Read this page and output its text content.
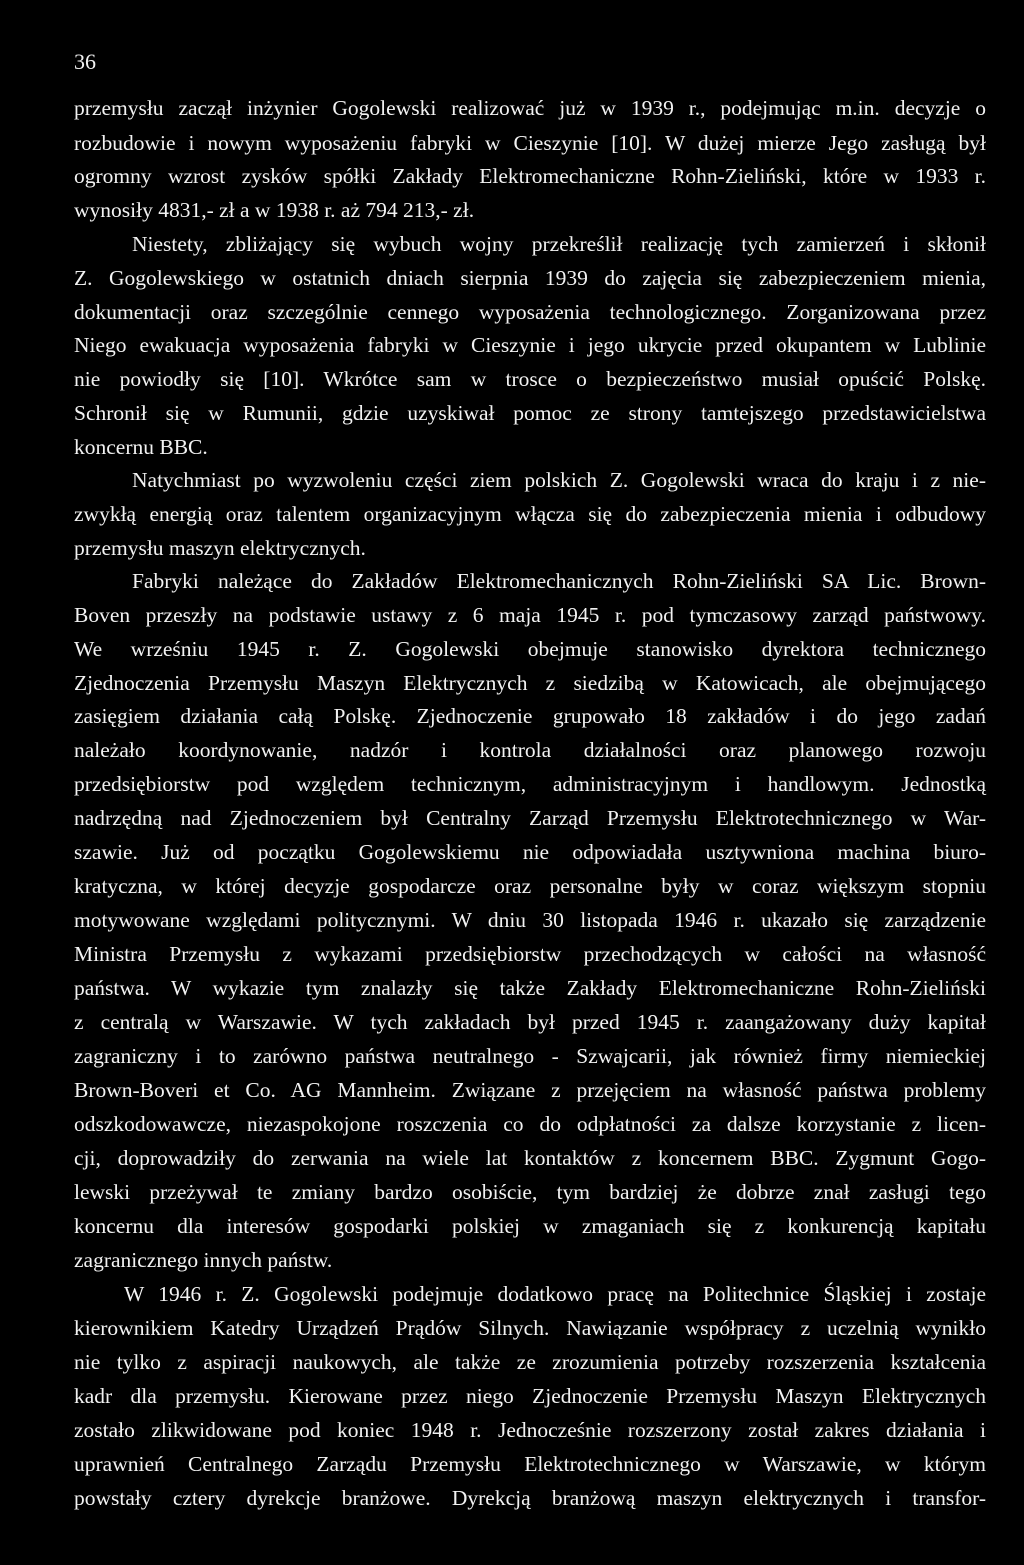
36
przemysłu zaczął inżynier Gogolewski realizować już w 1939 r., podejmując m.in. decyzje o
rozbudowie i nowym wyposażeniu fabryki w Cieszynie [10]. W dużej mierze Jego zasługą był
ogromny wzrost zysków spółki Zakłady Elektromechaniczne Rohn-Zieliński, które w 1933 r.
wynosiły 4831,- zł a w 1938 r. aż 794 213,- zł.
Niestety, zbliżający się wybuch wojny przekreślił realizację tych zamierzeń i skłonił
Z. Gogolewskiego w ostatnich dniach sierpnia 1939 do zajęcia się zabezpieczeniem mienia,
dokumentacji oraz szczególnie cennego wyposażenia technologicznego. Zorganizowana przez
Niego ewakuacja wyposażenia fabryki w Cieszynie i jego ukrycie przed okupantem w Lublinie
nie powiodły się [10]. Wkrótce sam w trosce o bezpieczeństwo musiał opuścić Polskę.
Schronił się w Rumunii, gdzie uzyskiwał pomoc ze strony tamtejszego przedstawicielstwa
koncernu BBC.
Natychmiast po wyzwoleniu części ziem polskich Z. Gogolewski wraca do kraju i z nie-
zwykłą energią oraz talentem organizacyjnym włącza się do zabezpieczenia mienia i odbudowy
przemysłu maszyn elektrycznych.
Fabryki należące do Zakładów Elektromechanicznych Rohn-Zieliński SA Lic. Brown-
Boven przeszły na podstawie ustawy z 6 maja 1945 r. pod tymczasowy zarząd państwowy.
We wrześniu 1945 r. Z. Gogolewski obejmuje stanowisko dyrektora technicznego
Zjednoczenia Przemysłu Maszyn Elektrycznych z siedzibą w Katowicach, ale obejmującego
zasięgiem działania całą Polskę. Zjednoczenie grupowało 18 zakładów i do jego zadań
należało koordynowanie, nadzór i kontrola działalności oraz planowego rozwoju
przedsiębiorstw pod względem technicznym, administracyjnym i handlowym. Jednostką
nadrzędną nad Zjednoczeniem był Centralny Zarząd Przemysłu Elektrotechnicznego w War-
szawie. Już od początku Gogolewskiemu nie odpowiadała usztywniona machina biuro-
kratyczna, w której decyzje gospodarcze oraz personalne były w coraz większym stopniu
motywowane względami politycznymi. W dniu 30 listopada 1946 r. ukazało się zarządzenie
Ministra Przemysłu z wykazami przedsiębiorstw przechodzących w całości na własność
państwa. W wykazie tym znalazły się także Zakłady Elektromechaniczne Rohn-Zieliński
z centralą w Warszawie. W tych zakładach był przed 1945 r. zaangażowany duży kapitał
zagraniczny i to zarówno państwa neutralnego - Szwajcarii, jak również firmy niemieckiej
Brown-Boveri et Co. AG Mannheim. Związane z przejęciem na własność państwa problemy
odszkodowawcze, niezaspokojone roszczenia co do odpłatności za dalsze korzystanie z licen-
cji, doprowadziły do zerwania na wiele lat kontaktów z koncernem BBC. Zygmunt Gogo-
lewski przeżywał te zmiany bardzo osobiście, tym bardziej że dobrze znał zasługi tego
koncernu dla interesów gospodarki polskiej w zmaganiach się z konkurencją kapitału
zagranicznego innych państw.
W 1946 r. Z. Gogolewski podejmuje dodatkowo pracę na Politechnice Śląskiej i zostaje
kierownikiem Katedry Urządzeń Prądów Silnych. Nawiązanie współpracy z uczelnią wynikło
nie tylko z aspiracji naukowych, ale także ze zrozumienia potrzeby rozszerzenia kształcenia
kadr dla przemysłu. Kierowane przez niego Zjednoczenie Przemysłu Maszyn Elektrycznych
zostało zlikwidowane pod koniec 1948 r. Jednocześnie rozszerzony został zakres działania i
uprawnień Centralnego Zarządu Przemysłu Elektrotechnicznego w Warszawie, w którym
powstały cztery dyrekcje branżowe. Dyrekcją branżową maszyn elektrycznych i transfor-
